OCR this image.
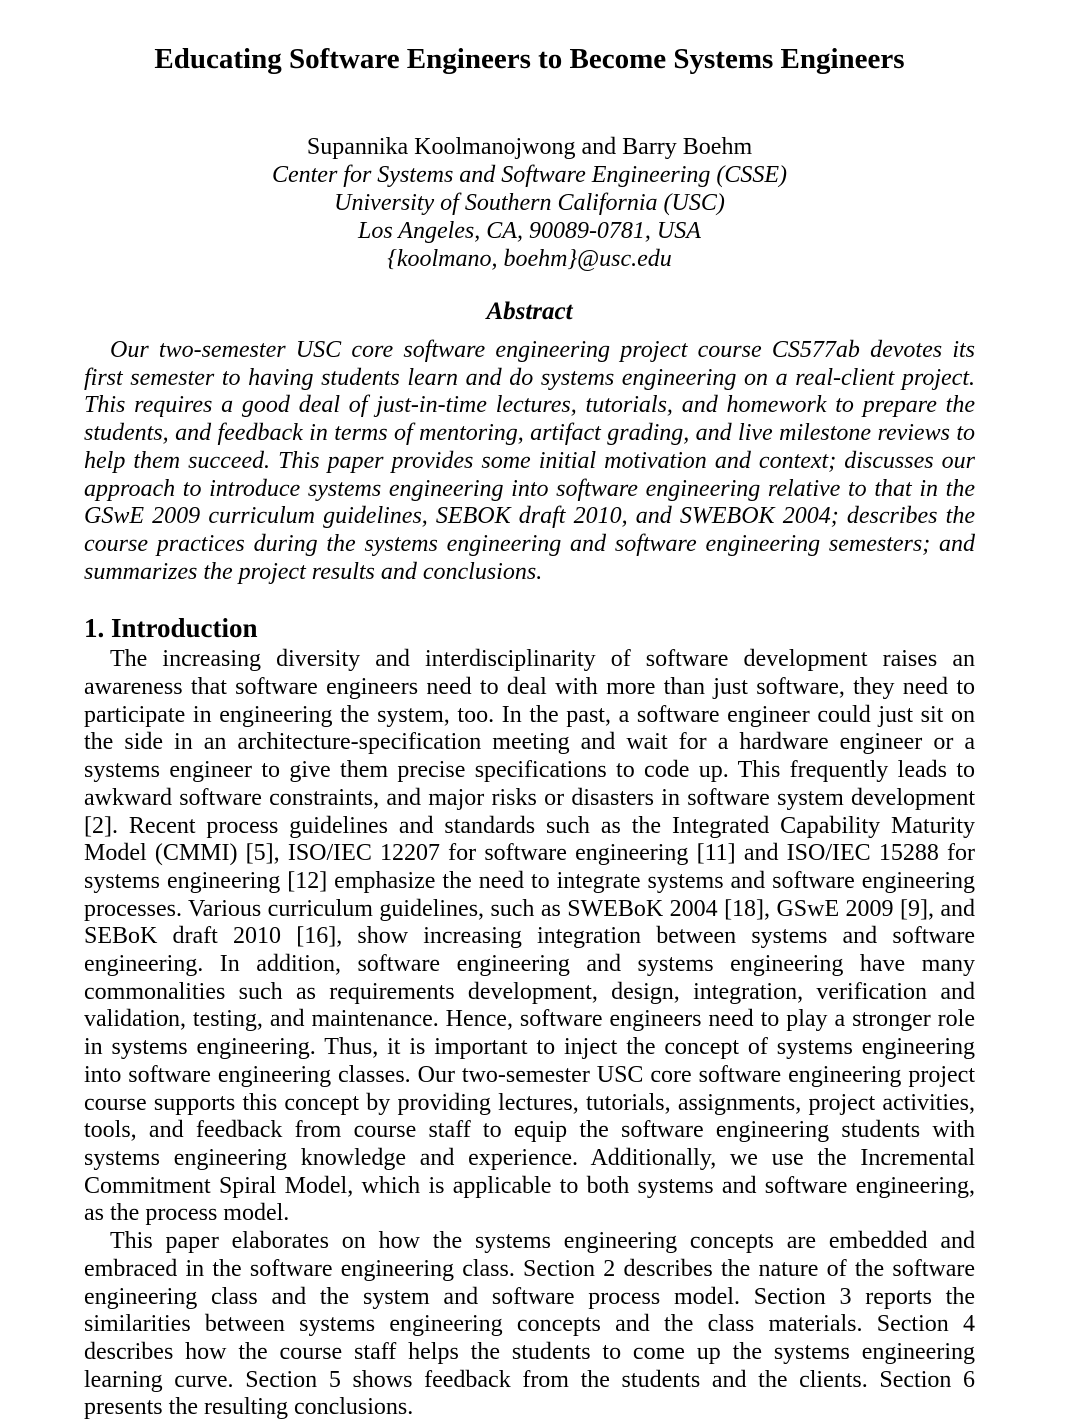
Educating Software Engineers to Become Systems Engineers
Supannika Koolmanojwong and Barry Boehm
Center for Systems and Software Engineering (CSSE)
University of Southern California (USC)
Los Angeles, CA, 90089-0781, USA
{koolmano, boehm}@usc.edu
Abstract

Our two-semester USC core software engineering project course CS577ab devotes its first semester to having students learn and do systems engineering on a real-client project. This requires a good deal of just-in-time lectures, tutorials, and homework to prepare the students, and feedback in terms of mentoring, artifact grading, and live milestone reviews to help them succeed. This paper provides some initial motivation and context; discusses our approach to introduce systems engineering into software engineering relative to that in the GSwE 2009 curriculum guidelines, SEBOK draft 2010, and SWEBOK 2004; describes the course practices during the systems engineering and software engineering semesters; and summarizes the project results and conclusions.

1. Introduction

The increasing diversity and interdisciplinarity of software development raises an awareness that software engineers need to deal with more than just software, they need to participate in engineering the system, too. In the past, a software engineer could just sit on the side in an architecture-specification meeting and wait for a hardware engineer or a systems engineer to give them precise specifications to code up. This frequently leads to awkward software constraints, and major risks or disasters in software system development [2]. Recent process guidelines and standards such as the Integrated Capability Maturity Model (CMMI) [5], ISO/IEC 12207 for software engineering [11] and ISO/IEC 15288 for systems engineering [12] emphasize the need to integrate systems and software engineering processes. Various curriculum guidelines, such as SWEBoK 2004 [18], GSwE 2009 [9], and SEBoK draft 2010 [16], show increasing integration between systems and software engineering. In addition, software engineering and systems engineering have many commonalities such as requirements development, design, integration, verification and validation, testing, and maintenance. Hence, software engineers need to play a stronger role in systems engineering. Thus, it is important to inject the concept of systems engineering into software engineering classes. Our two-semester USC core software engineering project course supports this concept by providing lectures, tutorials, assignments, project activities, tools, and feedback from course staff to equip the software engineering students with systems engineering knowledge and experience. Additionally, we use the Incremental Commitment Spiral Model, which is applicable to both systems and software engineering, as the process model.

This paper elaborates on how the systems engineering concepts are embedded and embraced in the software engineering class. Section 2 describes the nature of the software engineering class and the system and software process model. Section 3 reports the similarities between systems engineering concepts and the class materials. Section 4 describes how the course staff helps the students to come up the systems engineering learning curve. Section 5 shows feedback from the students and the clients. Section 6 presents the resulting conclusions.
